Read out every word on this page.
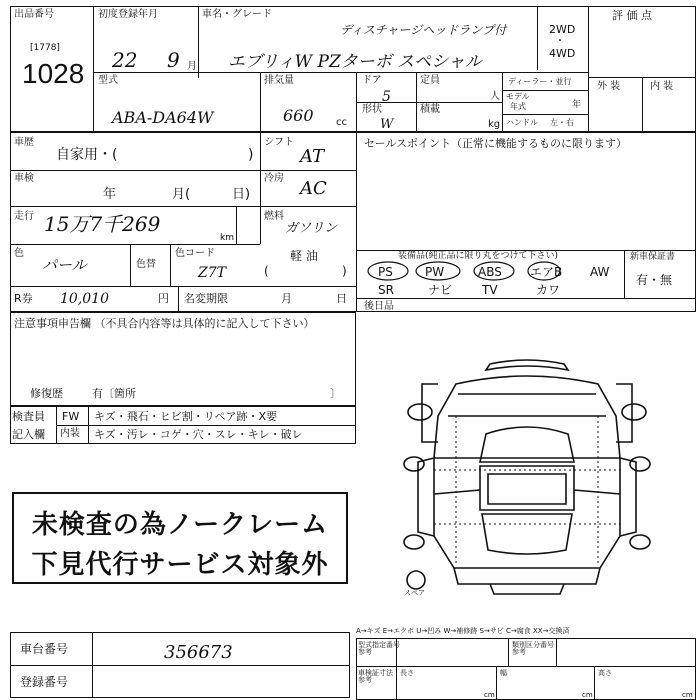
出品番号
[1778]
1028
初度登録年月
22 9 月
車名・グレード
ディスチャージヘッドランプ付
エブリィW PZターボ スペシャル
2WD
・
4WD
評 価 点
外 装	内 装
型式
ABA-DA64W
排気量
660 cc
ドア
5
定員
人
形状
W
積載
kg
ディーラー・並行
モデル
年式	年
ハンドル 左・右
車歴
自家用・(	)
シフト
AT
セールスポイント（正常に機能するものに限ります）
車検
年	月(	日)
冷房 AC
走行 15万7千269
km
燃料
ガソリン
軽 油
(	)
色
パール	色替
色コード
Z7T
装備品(純正品に限り丸をつけて下さい)	新車保証書
有・無
PS	PW	ABS エアB AW
SR	ナビ TV	カワ
後日品
R券 10,010	円 名変期限	月	日
注意事項申告欄 （不具合内容等は具体的に記入して下さい）
修復歴	有〔箇所	〕
検査員
記入欄
FW キズ・飛石・ヒビ割・リペア跡・X要
内装 キズ・汚レ・コゲ・穴・スレ・キレ・破レ
未検査の為ノークレーム
下見代行サービス対象外
スペア
A→キズ E→エクボ U→凹み W→補修跡 S→サビ C→腐食 XX→交換済
型式指定番号
参考
類別区分番号
参考
車検証寸法
参考
長さ	幅	高さ
cm	cm	cm
車台番号	356673
登録番号
